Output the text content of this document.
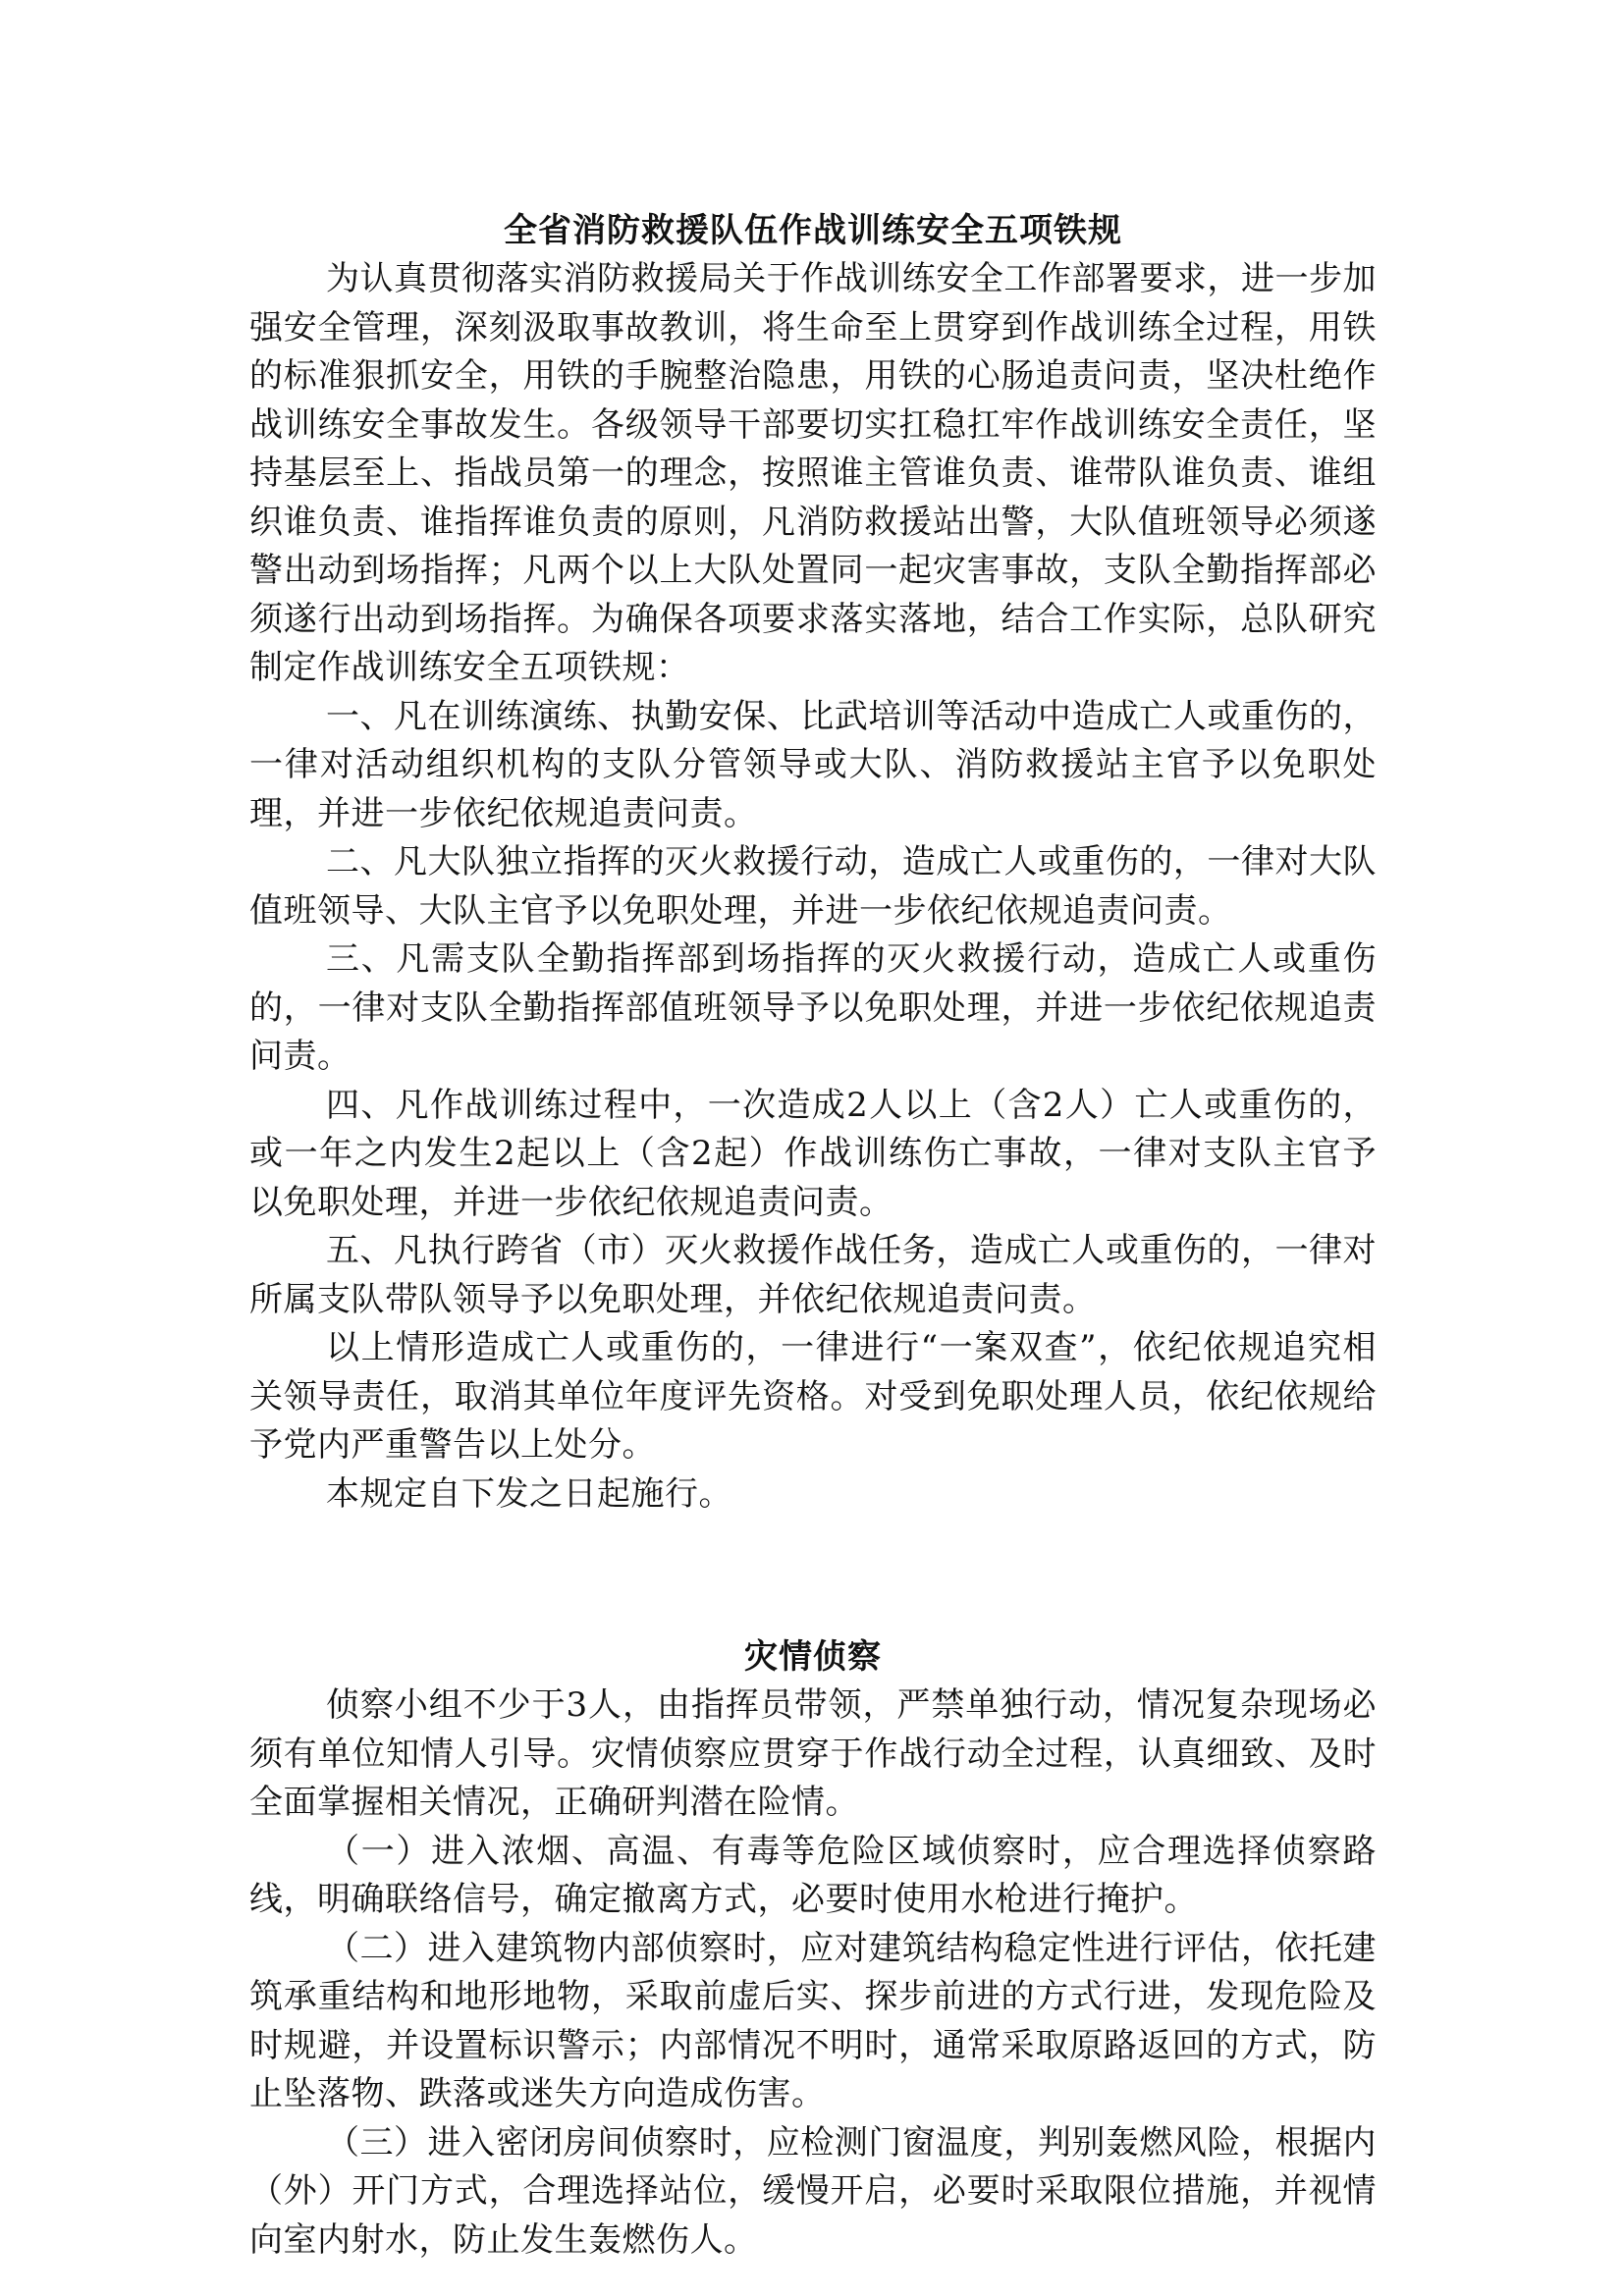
全省消防救援队伍作战训练安全五项铁规

为认真贯彻落实消防救援局关于作战训练安全工作部署要求，进一步加强安全管理，深刻汲取事故教训，将生命至上贯穿到作战训练全过程，用铁的标准狠抓安全，用铁的手腕整治隐患，用铁的心肠追责问责，坚决杜绝作战训练安全事故发生。各级领导干部要切实扛稳扛牢作战训练安全责任，坚持基层至上、指战员第一的理念，按照谁主管谁负责、谁带队谁负责、谁组织谁负责、谁指挥谁负责的原则，凡消防救援站出警，大队值班领导必须遂警出动到场指挥；凡两个以上大队处置同一起灾害事故，支队全勤指挥部必须遂行出动到场指挥。为确保各项要求落实落地，结合工作实际，总队研究制定作战训练安全五项铁规：

一、凡在训练演练、执勤安保、比武培训等活动中造成亡人或重伤的，一律对活动组织机构的支队分管领导或大队、消防救援站主官予以免职处理，并进一步依纪依规追责问责。

二、凡大队独立指挥的灭火救援行动，造成亡人或重伤的，一律对大队值班领导、大队主官予以免职处理，并进一步依纪依规追责问责。

三、凡需支队全勤指挥部到场指挥的灭火救援行动，造成亡人或重伤的，一律对支队全勤指挥部值班领导予以免职处理，并进一步依纪依规追责问责。

四、凡作战训练过程中，一次造成2人以上（含2人）亡人或重伤的，或一年之内发生2起以上（含2起）作战训练伤亡事故，一律对支队主官予以免职处理，并进一步依纪依规追责问责。

五、凡执行跨省（市）灭火救援作战任务，造成亡人或重伤的，一律对所属支队带队领导予以免职处理，并依纪依规追责问责。

以上情形造成亡人或重伤的，一律进行“一案双查”，依纪依规追究相关领导责任，取消其单位年度评先资格。对受到免职处理人员，依纪依规给予党内严重警告以上处分。

本规定自下发之日起施行。

灾情侦察

侦察小组不少于3人，由指挥员带领，严禁单独行动，情况复杂现场必须有单位知情人引导。灾情侦察应贯穿于作战行动全过程，认真细致、及时全面掌握相关情况，正确研判潜在险情。

（一）进入浓烟、高温、有毒等危险区域侦察时，应合理选择侦察路线，明确联络信号，确定撤离方式，必要时使用水枪进行掩护。

（二）进入建筑物内部侦察时，应对建筑结构稳定性进行评估，依托建筑承重结构和地形地物，采取前虚后实、探步前进的方式行进，发现危险及时规避，并设置标识警示；内部情况不明时，通常采取原路返回的方式，防止坠落物、跌落或迷失方向造成伤害。

（三）进入密闭房间侦察时，应检测门窗温度，判别轰燃风险，根据内（外）开门方式，合理选择站位，缓慢开启，必要时采取限位措施，并视情向室内射水，防止发生轰燃伤人。
